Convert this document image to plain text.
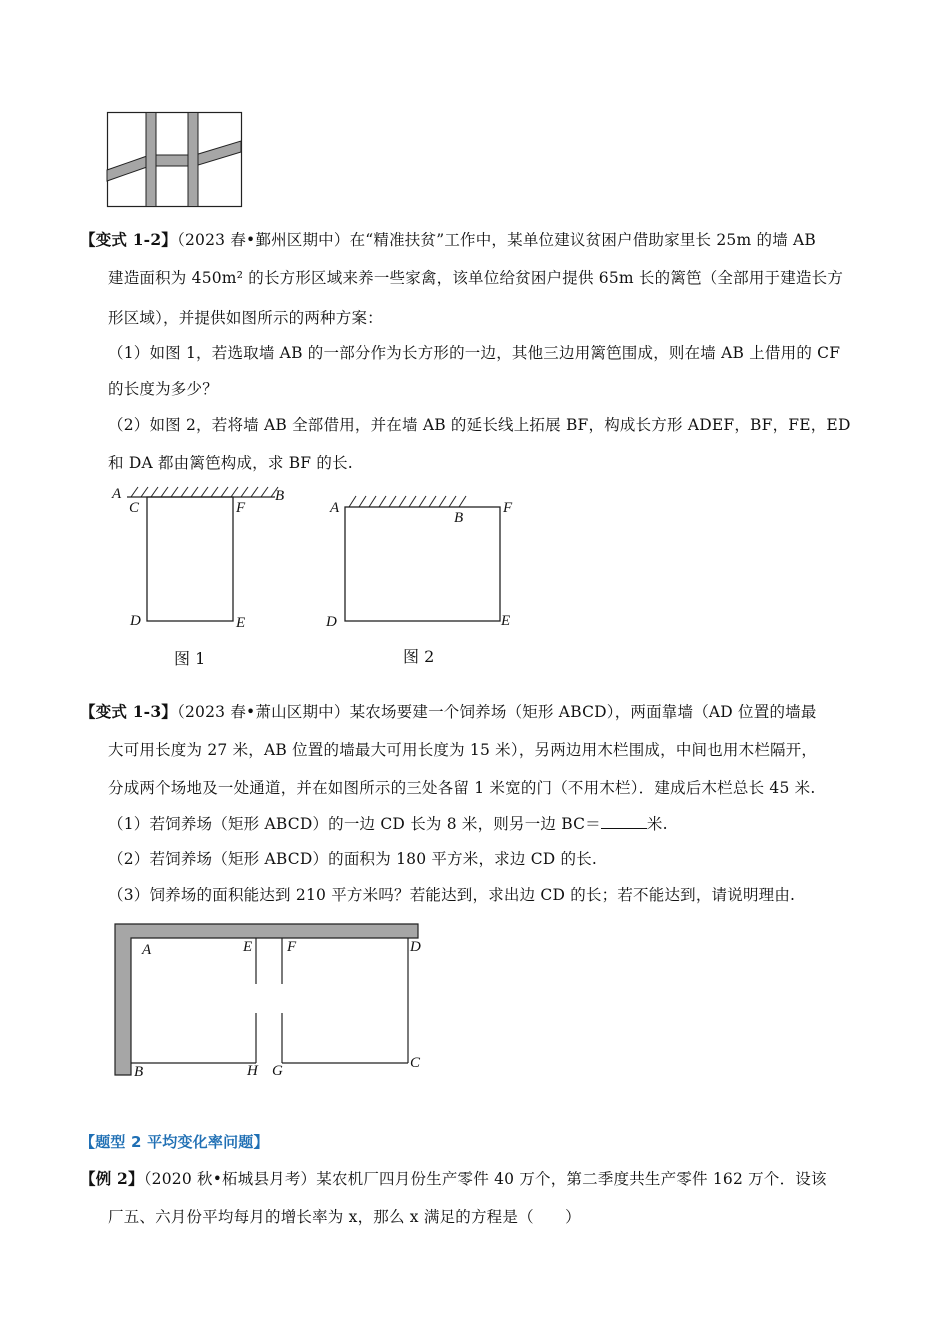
【变式 1-2】（2023 春•鄞州区期中）在“精准扶贫”工作中，某单位建议贫困户借助家里长 25m 的墙 AB
建造面积为 450m² 的长方形区域来养一些家禽，该单位给贫困户提供 65m 长的篱笆（全部用于建造长方
形区域），并提供如图所示的两种方案：
（1）如图 1，若选取墙 AB 的一部分作为长方形的一边，其他三边用篱笆围成，则在墙 AB 上借用的 CF
的长度为多少？
（2）如图 2，若将墙 AB 全部借用，并在墙 AB 的延长线上拓展 BF，构成长方形 ADEF，BF，FE，ED
和 DA 都由篱笆构成，求 BF 的长.
A	B
C	F
D	E
图 1
A
B
F
D	E
图 2
【变式 1-3】（2023 春•萧山区期中）某农场要建一个饲养场（矩形 ABCD），两面靠墙（AD 位置的墙最
大可用长度为 27 米，AB 位置的墙最大可用长度为 15 米），另两边用木栏围成，中间也用木栏隔开，
分成两个场地及一处通道，并在如图所示的三处各留 1 米宽的门（不用木栏）．建成后木栏总长 45 米.
（1）若饲养场（矩形 ABCD）的一边 CD 长为 8 米，则另一边 BC＝	米.
（2）若饲养场（矩形 ABCD）的面积为 180 平方米，求边 CD 的长.
（3）饲养场的面积能达到 210 平方米吗？若能达到，求出边 CD 的长；若不能达到，请说明理由.
A	E F	D
B	H G	C
【题型 2 平均变化率问题】
【例 2】（2020 秋•柘城县月考）某农机厂四月份生产零件 40 万个，第二季度共生产零件 162 万个．设该
厂五、六月份平均每月的增长率为 x，那么 x 满足的方程是（　　）
